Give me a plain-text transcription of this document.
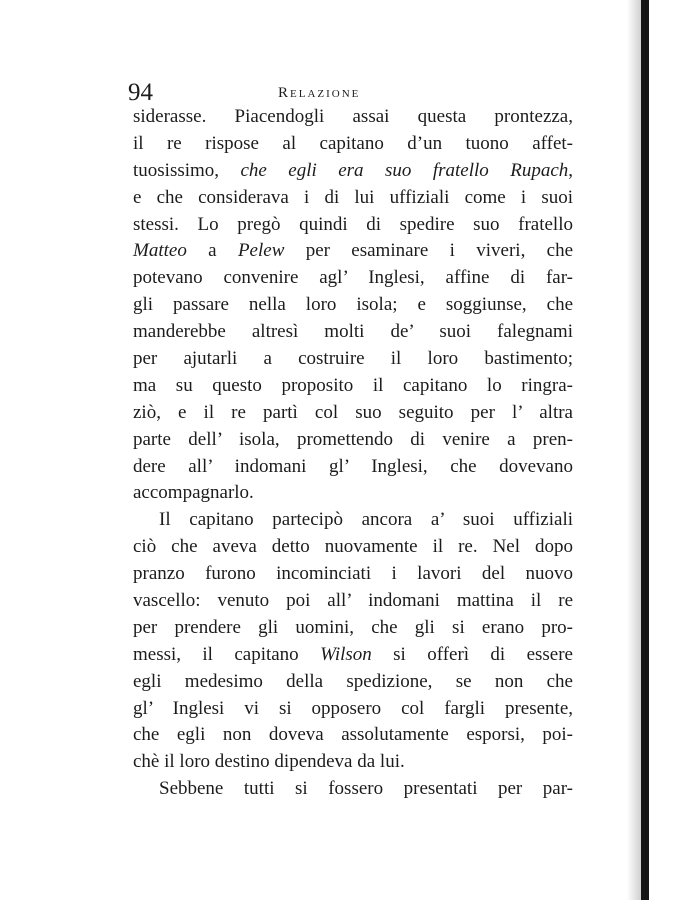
94	Relazione
siderasse. Piacendogli assai questa prontezza,
il re rispose al capitano d’un tuono affet-
tuosissimo, che egli era suo fratello Rupach,
e che considerava i di lui uffiziali come i suoi
stessi. Lo pregò quindi di spedire suo fratello
Matteo a Pelew per esaminare i viveri, che
potevano convenire agl’ Inglesi, affine di far-
gli passare nella loro isola; e soggiunse, che
manderebbe altresì molti de’ suoi falegnami
per ajutarli a costruire il loro bastimento;
ma su questo proposito il capitano lo ringra-
ziò, e il re partì col suo seguito per l’ altra
parte dell’ isola, promettendo di venire a pren-
dere all’ indomani gl’ Inglesi, che dovevano
accompagnarlo.
Il capitano partecipò ancora a’ suoi uffiziali
ciò che aveva detto nuovamente il re. Nel dopo
pranzo furono incominciati i lavori del nuovo
vascello: venuto poi all’ indomani mattina il re
per prendere gli uomini, che gli si erano pro-
messi, il capitano Wilson si offerì di essere
egli medesimo della spedizione, se non che
gl’ Inglesi vi si opposero col fargli presente,
che egli non doveva assolutamente esporsi, poi-
chè il loro destino dipendeva da lui.
Sebbene tutti si fossero presentati per par-
